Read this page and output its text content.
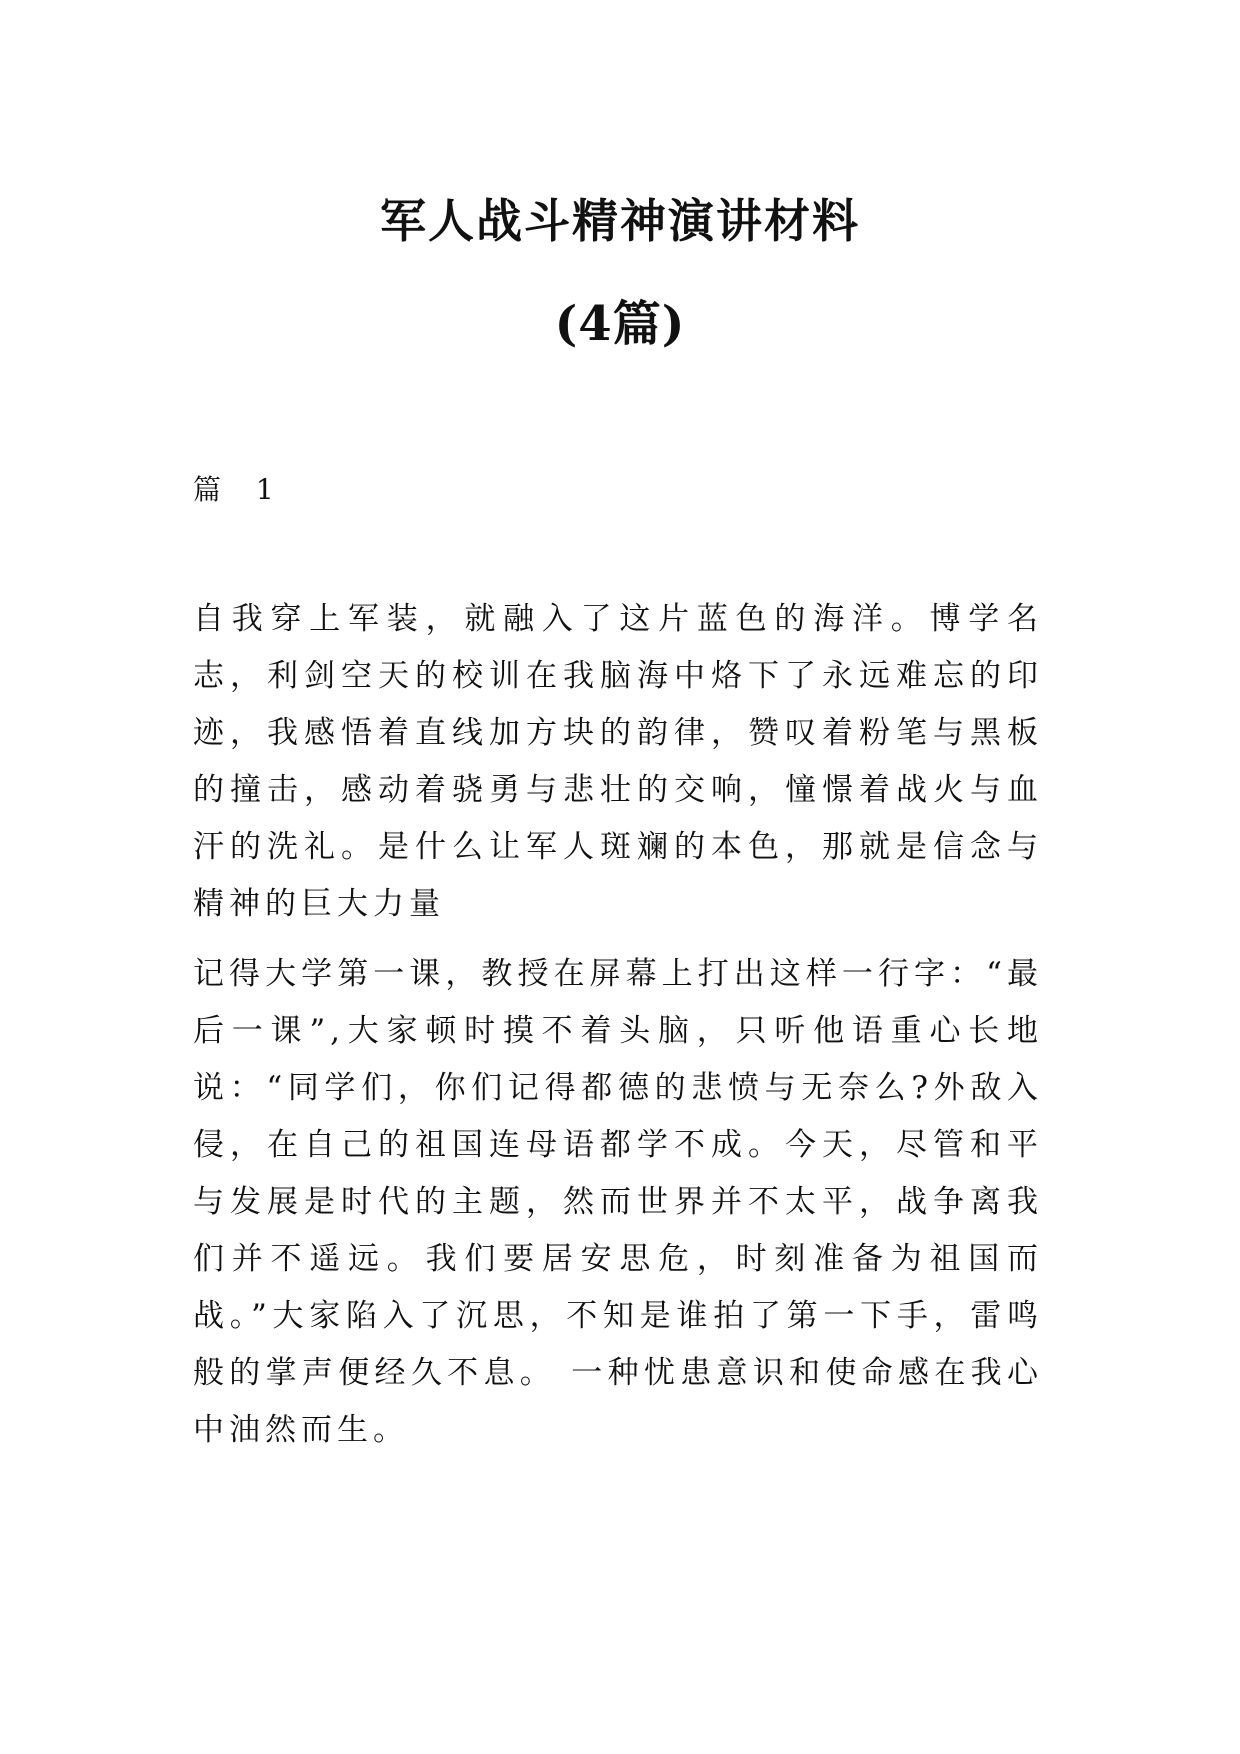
军人战斗精神演讲材料
(4篇)

篇 1

自我穿上军装，就融入了这片蓝色的海洋。博学名志，利剑空天的校训在我脑海中烙下了永远难忘的印迹，我感悟着直线加方块的韵律，赞叹着粉笔与黑板的撞击，感动着骁勇与悲壮的交响，憧憬着战火与血汗的洗礼。是什么让军人斑斓的本色，那就是信念与精神的巨大力量

记得大学第一课，教授在屏幕上打出这样一行字：“最后一课”,大家顿时摸不着头脑，只听他语重心长地说：“同学们，你们记得都德的悲愤与无奈么?外敌入侵，在自己的祖国连母语都学不成。今天，尽管和平与发展是时代的主题，然而世界并不太平，战争离我们并不遥远。我们要居安思危，时刻准备为祖国而战。”大家陷入了沉思，不知是谁拍了第一下手，雷鸣般的掌声便经久不息。 一种忧患意识和使命感在我心中油然而生。
